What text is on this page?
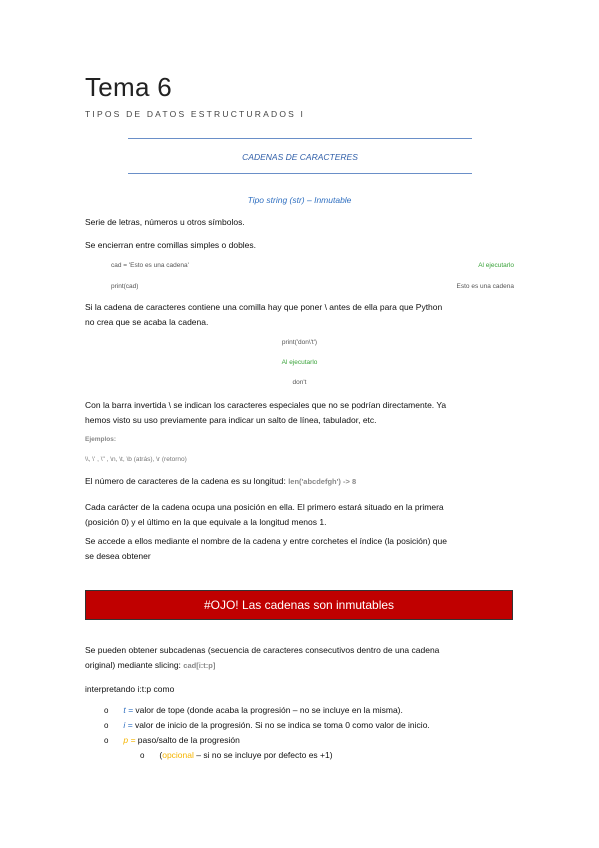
Tema 6
TIPOS DE DATOS ESTRUCTURADOS I
CADENAS DE CARACTERES
Tipo string (str) – Inmutable
Serie de letras, números u otros símbolos.
Se encierran entre comillas simples o dobles.
cad = 'Esto es una cadena'	Al ejecutarlo
print(cad)	Esto es una cadena
Si la cadena de caracteres contiene una comilla hay que poner \ antes de ella para que Python
no crea que se acaba la cadena.
print('don\'t')
Al ejecutarlo
don't
Con la barra invertida \ se indican los caracteres especiales que no se podrían directamente. Ya
hemos visto su uso previamente para indicar un salto de línea, tabulador, etc.
Ejemplos:
\\, \' , \" , \n, \t, \b (atrás), \r (retorno)
El número de caracteres de la cadena es su longitud: len('abcdefgh') -> 8
Cada carácter de la cadena ocupa una posición en ella. El primero estará situado en la primera
(posición 0) y el último en la que equivale a la longitud menos 1.
Se accede a ellos mediante el nombre de la cadena y entre corchetes el índice (la posición) que
se desea obtener
#OJO! Las cadenas son inmutables
Se pueden obtener subcadenas (secuencia de caracteres consecutivos dentro de una cadena
original) mediante slicing: cad[i:t:p]
interpretando i:t:p como
o t = valor de tope (donde acaba la progresión – no se incluye en la misma).
o i = valor de inicio de la progresión. Si no se indica se toma 0 como valor de inicio.
o p = paso/salto de la progresión
o (opcional – si no se incluye por defecto es +1)
